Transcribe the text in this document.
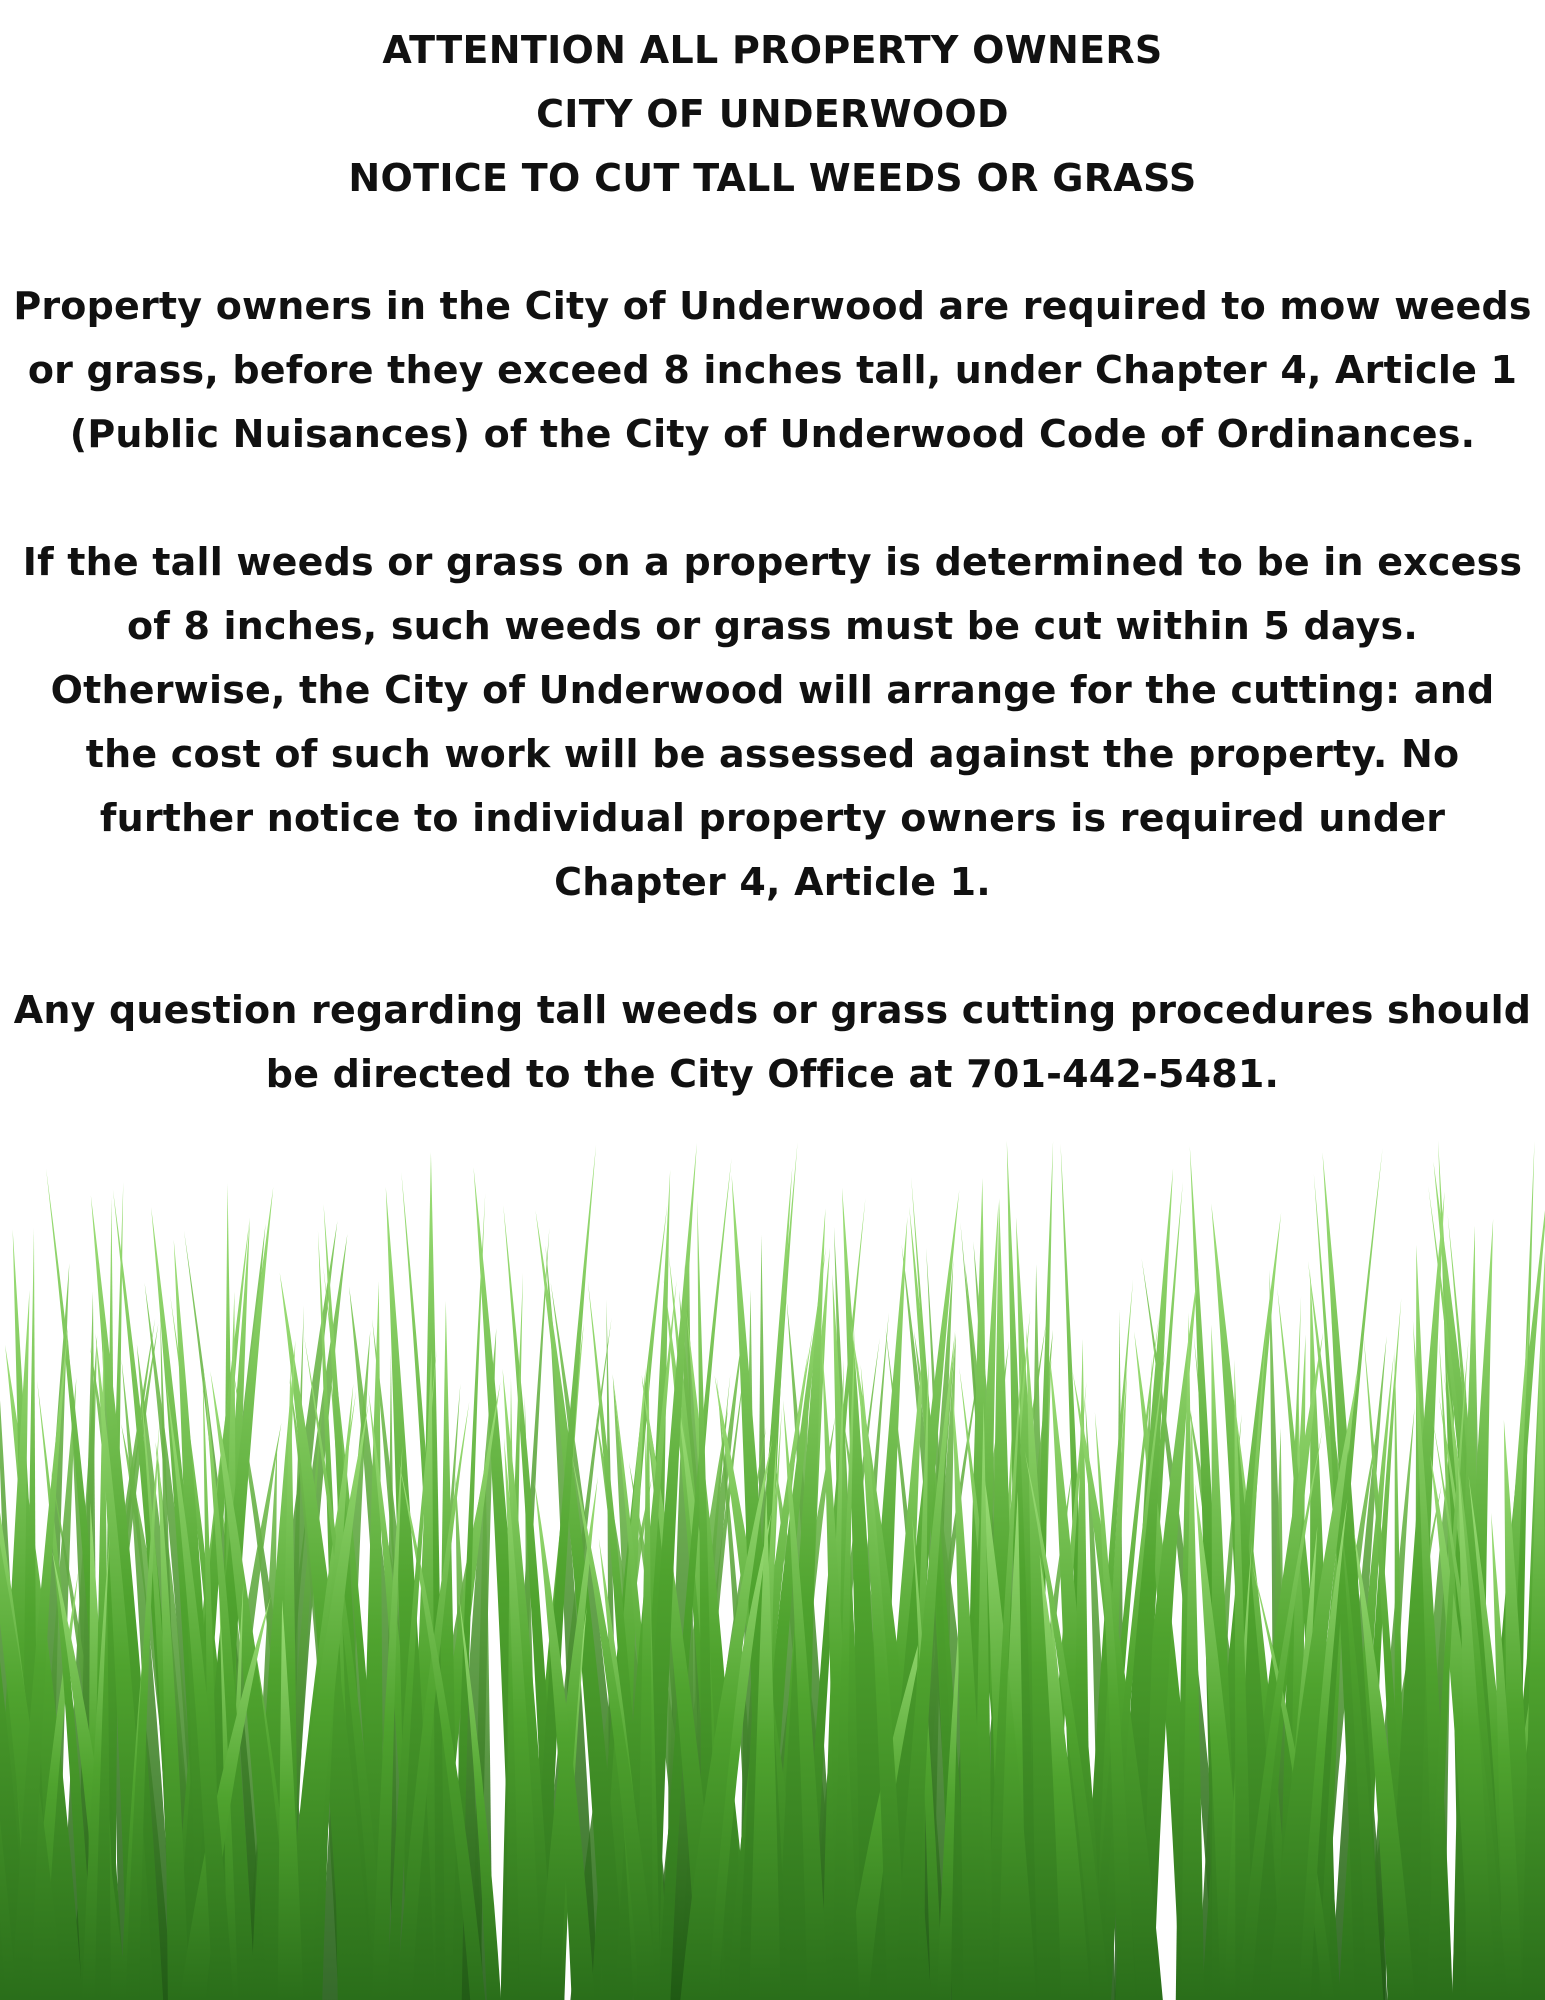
ATTENTION ALL PROPERTY OWNERS
CITY OF UNDERWOOD
NOTICE TO CUT TALL WEEDS OR GRASS
Property owners in the City of Underwood are required to mow weeds or grass, before they exceed 8 inches tall, under Chapter 4, Article 1 (Public Nuisances) of the City of Underwood Code of Ordinances.
If the tall weeds or grass on a property is determined to be in excess of 8 inches, such weeds or grass must be cut within 5 days. Otherwise, the City of Underwood will arrange for the cutting: and the cost of such work will be assessed against the property. No further notice to individual property owners is required under Chapter 4, Article 1.
Any question regarding tall weeds or grass cutting procedures should be directed to the City Office at 701-442-5481.
